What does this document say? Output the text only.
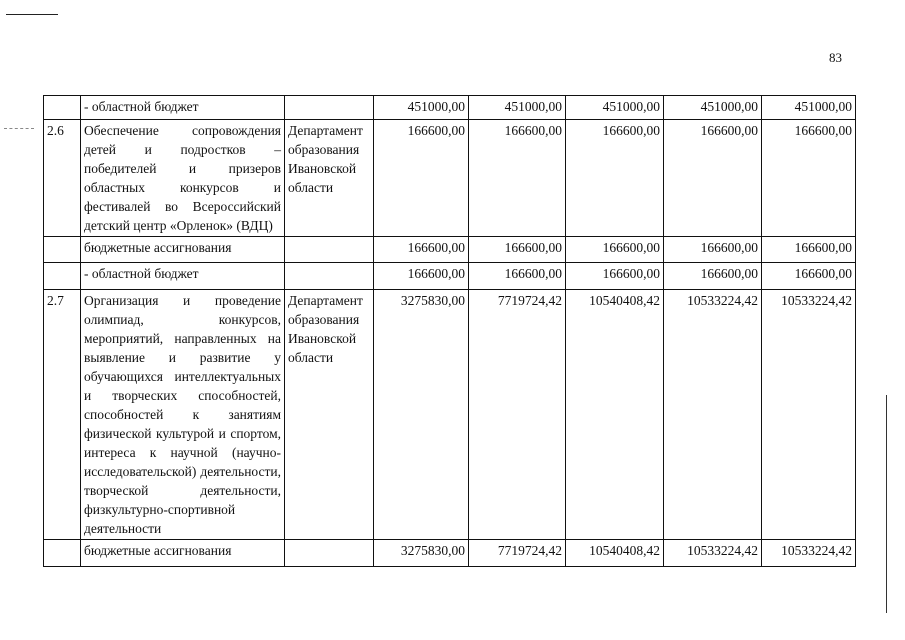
83
	- областной бюджет		451000,00	451000,00	451000,00	451000,00	451000,00
2.6	Обеспечение сопровождения детей и подростков – победителей и призеров областных конкурсов и фестивалей во Всероссийский детский центр «Орленок» (ВДЦ)	Департамент образования Ивановской области	166600,00	166600,00	166600,00	166600,00	166600,00
	бюджетные ассигнования		166600,00	166600,00	166600,00	166600,00	166600,00
	- областной бюджет		166600,00	166600,00	166600,00	166600,00	166600,00
2.7	Организация и проведение олимпиад, конкурсов, мероприятий, направленных на выявление и развитие у обучающихся интеллектуальных и творческих способностей, способностей к занятиям физической культурой и спортом, интереса к научной (научно-исследовательской) деятельности, творческой деятельности, физкультурно-спортивной деятельности	Департамент образования Ивановской области	3275830,00	7719724,42	10540408,42	10533224,42	10533224,42
	бюджетные ассигнования		3275830,00	7719724,42	10540408,42	10533224,42	10533224,42
